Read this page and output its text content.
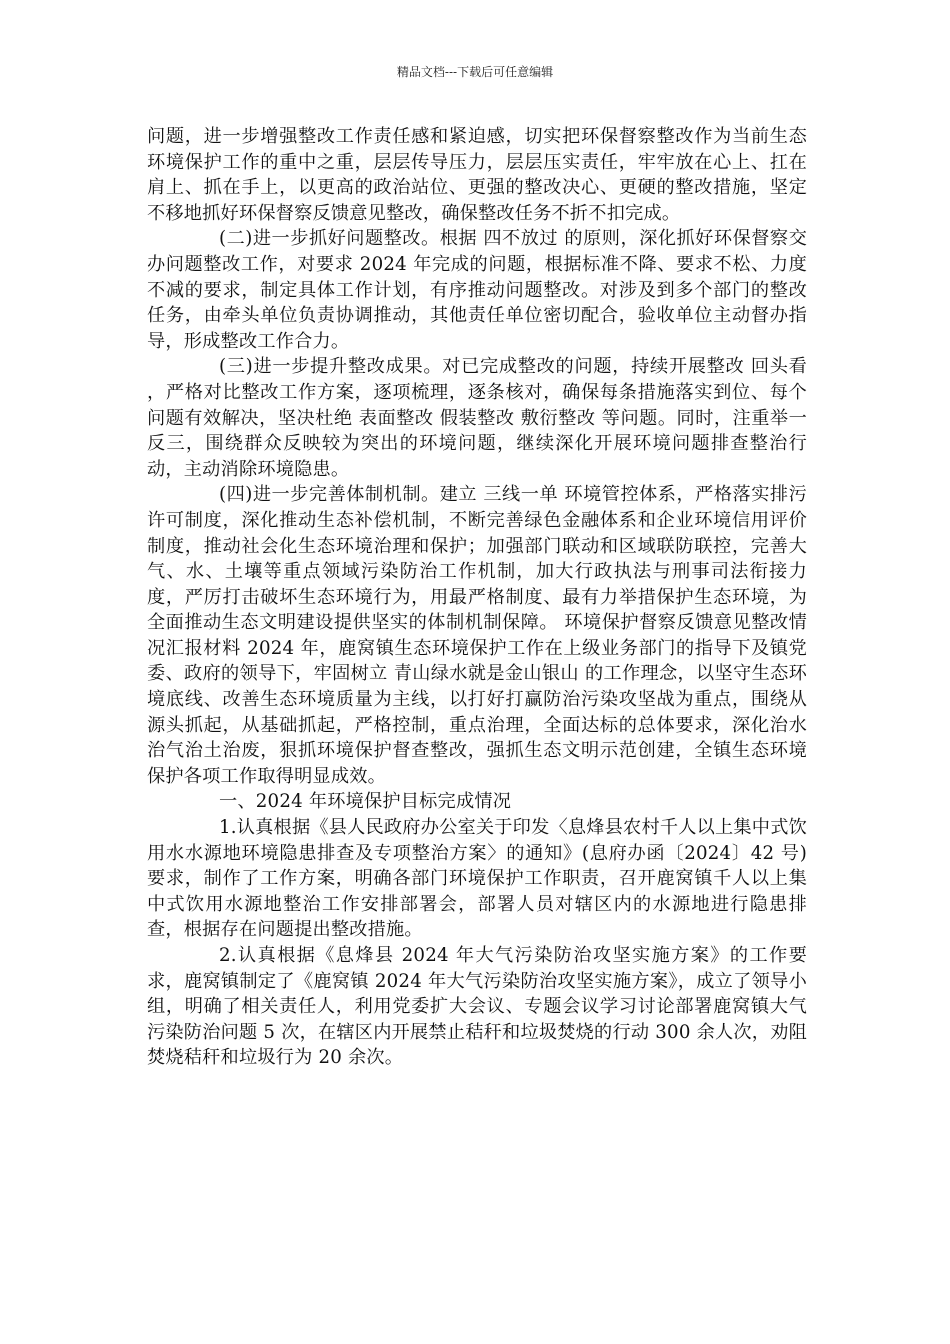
精品文档---下载后可任意编辑

问题，进一步增强整改工作责任感和紧迫感，切实把环保督察整改作为当前生态环境保护工作的重中之重，层层传导压力，层层压实责任，牢牢放在心上、扛在肩上、抓在手上，以更高的政治站位、更强的整改决心、更硬的整改措施，坚定不移地抓好环保督察反馈意见整改，确保整改任务不折不扣完成。

(二)进一步抓好问题整改。根据 四不放过 的原则，深化抓好环保督察交办问题整改工作，对要求 2024 年完成的问题，根据标准不降、要求不松、力度不减的要求，制定具体工作计划，有序推动问题整改。对涉及到多个部门的整改任务，由牵头单位负责协调推动，其他责任单位密切配合，验收单位主动督办指导，形成整改工作合力。

(三)进一步提升整改成果。对已完成整改的问题，持续开展整改 回头看 ，严格对比整改工作方案，逐项梳理，逐条核对，确保每条措施落实到位、每个问题有效解决，坚决杜绝 表面整改 假装整改 敷衍整改 等问题。同时，注重举一反三，围绕群众反映较为突出的环境问题，继续深化开展环境问题排查整治行动，主动消除环境隐患。

(四)进一步完善体制机制。建立 三线一单 环境管控体系，严格落实排污许可制度，深化推动生态补偿机制，不断完善绿色金融体系和企业环境信用评价制度，推动社会化生态环境治理和保护；加强部门联动和区域联防联控，完善大气、水、土壤等重点领域污染防治工作机制，加大行政执法与刑事司法衔接力度，严厉打击破坏生态环境行为，用最严格制度、最有力举措保护生态环境，为全面推动生态文明建设提供坚实的体制机制保障。 环境保护督察反馈意见整改情况汇报材料 2024 年，鹿窝镇生态环境保护工作在上级业务部门的指导下及镇党委、政府的领导下，牢固树立 青山绿水就是金山银山 的工作理念，以坚守生态环境底线、改善生态环境质量为主线，以打好打赢防治污染攻坚战为重点，围绕从源头抓起，从基础抓起，严格控制，重点治理，全面达标的总体要求，深化治水治气治土治废，狠抓环境保护督查整改，强抓生态文明示范创建，全镇生态环境保护各项工作取得明显成效。

一、2024 年环境保护目标完成情况

1.认真根据《县人民政府办公室关于印发〈息烽县农村千人以上集中式饮用水水源地环境隐患排查及专项整治方案〉的通知》(息府办函〔2024〕42 号)要求，制作了工作方案，明确各部门环境保护工作职责，召开鹿窝镇千人以上集中式饮用水源地整治工作安排部署会，部署人员对辖区内的水源地进行隐患排查，根据存在问题提出整改措施。

2.认真根据《息烽县 2024 年大气污染防治攻坚实施方案》的工作要求，鹿窝镇制定了《鹿窝镇 2024 年大气污染防治攻坚实施方案》，成立了领导小组，明确了相关责任人，利用党委扩大会议、专题会议学习讨论部署鹿窝镇大气污染防治问题 5 次，在辖区内开展禁止秸秆和垃圾焚烧的行动 300 余人次，劝阻焚烧秸秆和垃圾行为 20 余次。
